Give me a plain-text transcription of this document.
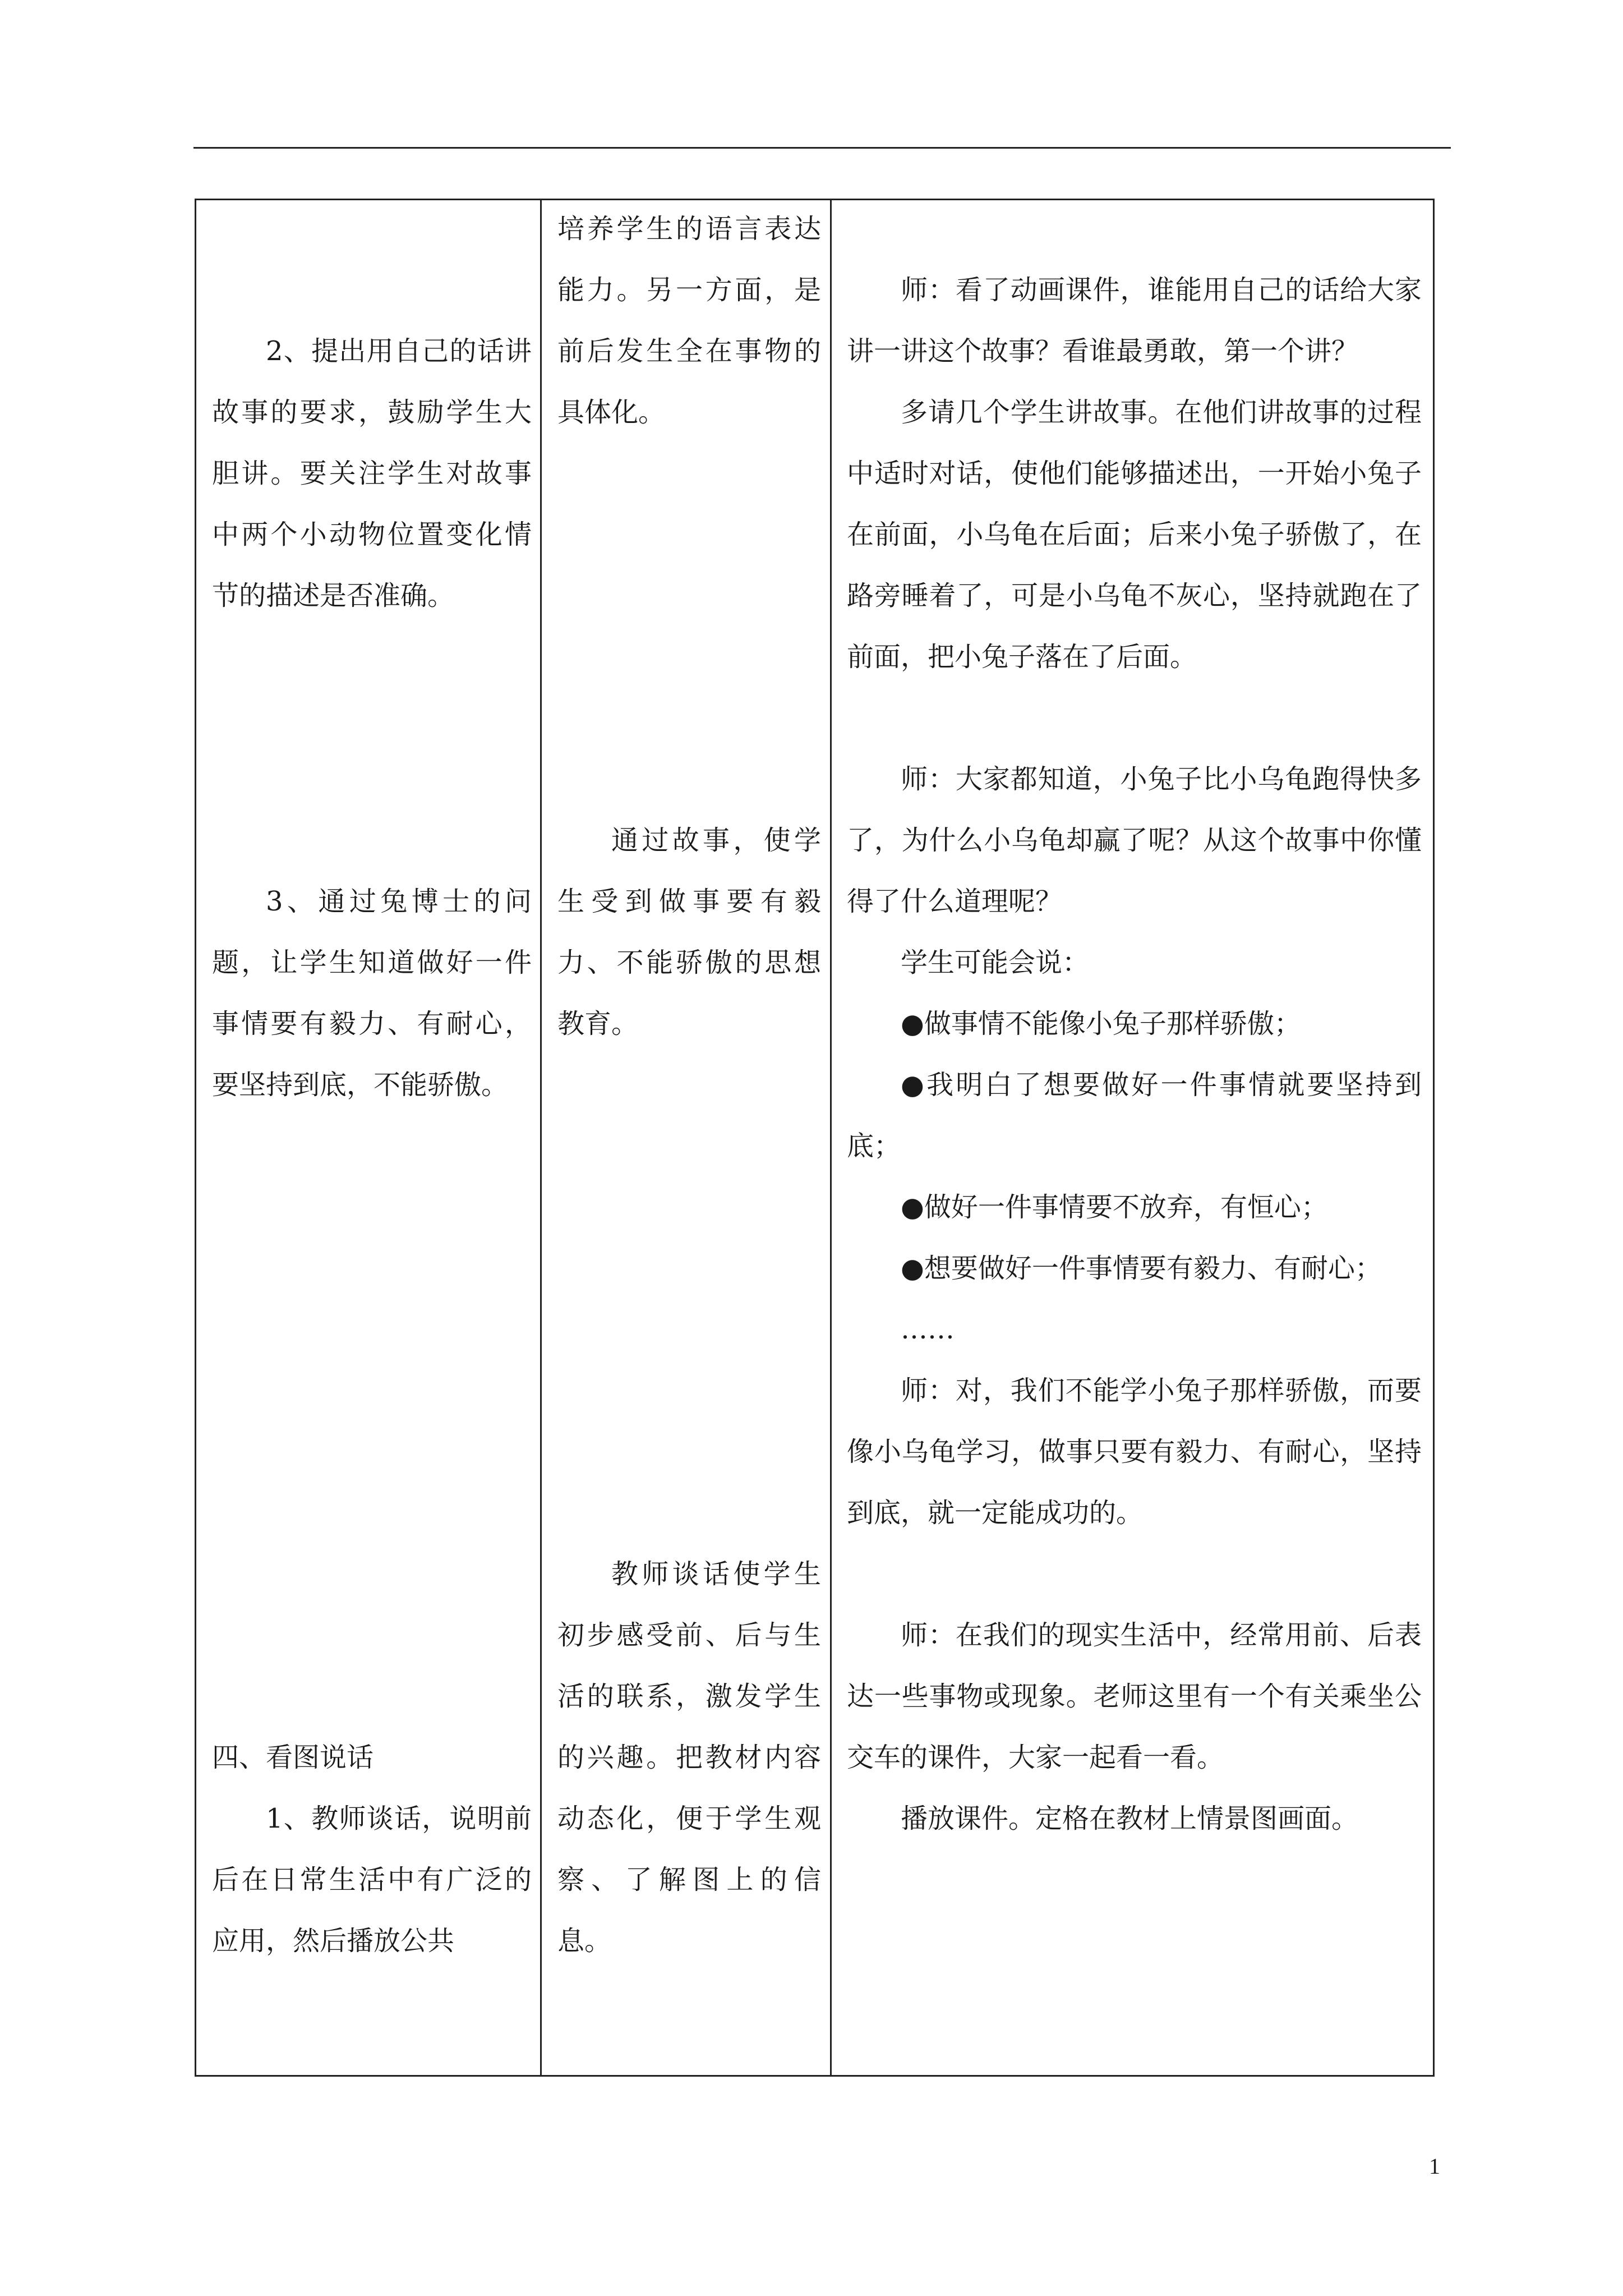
2、提出用自己的话讲故事的要求，鼓励学生大胆讲。要关注学生对故事中两个小动物位置变化情节的描述是否准确。

3、通过兔博士的问题，让学生知道做好一件事情要有毅力、有耐心，要坚持到底，不能骄傲。

四、看图说话

1、教师谈话，说明前后在日常生活中有广泛的应用，然后播放公共

培养学生的语言表达能力。另一方面，是前后发生全在事物的具体化。

通过故事，使学生受到做事要有毅力、不能骄傲的思想教育。

教师谈话使学生初步感受前、后与生活的联系，激发学生的兴趣。把教材内容动态化，便于学生观察、了解图上的信息。

师：看了动画课件，谁能用自己的话给大家讲一讲这个故事？看谁最勇敢，第一个讲？

多请几个学生讲故事。在他们讲故事的过程中适时对话，使他们能够描述出，一开始小兔子在前面，小乌龟在后面；后来小兔子骄傲了，在路旁睡着了，可是小乌龟不灰心，坚持就跑在了前面，把小兔子落在了后面。

师：大家都知道，小兔子比小乌龟跑得快多了，为什么小乌龟却赢了呢？从这个故事中你懂得了什么道理呢？

学生可能会说：

●做事情不能像小兔子那样骄傲；

●我明白了想要做好一件事情就要坚持到底；

●做好一件事情要不放弃，有恒心；

●想要做好一件事情要有毅力、有耐心；

……

师：对，我们不能学小兔子那样骄傲，而要像小乌龟学习，做事只要有毅力、有耐心，坚持到底，就一定能成功的。

师：在我们的现实生活中，经常用前、后表达一些事物或现象。老师这里有一个有关乘坐公交车的课件，大家一起看一看。

播放课件。定格在教材上情景图画面。

1
